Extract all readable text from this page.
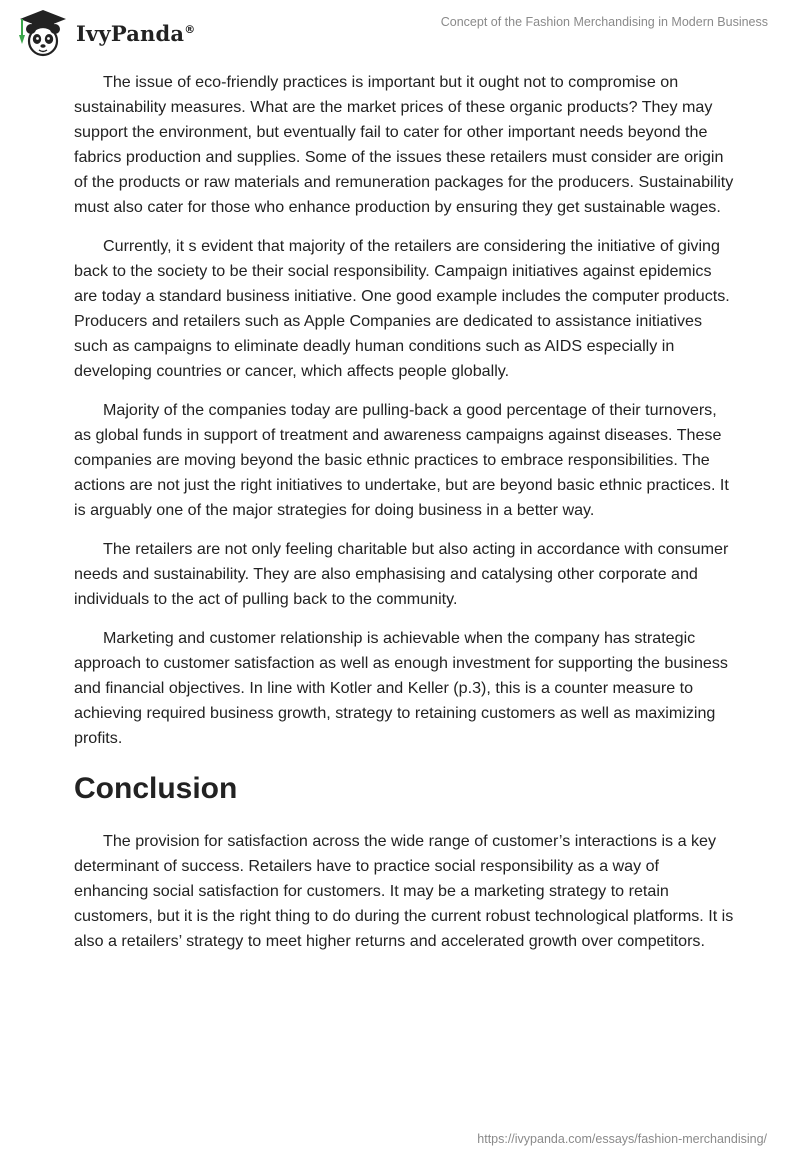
IvyPanda®	Concept of the Fashion Merchandising in Modern Business

The issue of eco-friendly practices is important but it ought not to compromise on sustainability measures. What are the market prices of these organic products? They may support the environment, but eventually fail to cater for other important needs beyond the fabrics production and supplies. Some of the issues these retailers must consider are origin of the products or raw materials and remuneration packages for the producers. Sustainability must also cater for those who enhance production by ensuring they get sustainable wages.

Currently, it s evident that majority of the retailers are considering the initiative of giving back to the society to be their social responsibility. Campaign initiatives against epidemics are today a standard business initiative. One good example includes the computer products. Producers and retailers such as Apple Companies are dedicated to assistance initiatives such as campaigns to eliminate deadly human conditions such as AIDS especially in developing countries or cancer, which affects people globally.

Majority of the companies today are pulling-back a good percentage of their turnovers, as global funds in support of treatment and awareness campaigns against diseases. These companies are moving beyond the basic ethnic practices to embrace responsibilities. The actions are not just the right initiatives to undertake, but are beyond basic ethnic practices. It is arguably one of the major strategies for doing business in a better way.

The retailers are not only feeling charitable but also acting in accordance with consumer needs and sustainability. They are also emphasising and catalysing other corporate and individuals to the act of pulling back to the community.

Marketing and customer relationship is achievable when the company has strategic approach to customer satisfaction as well as enough investment for supporting the business and financial objectives. In line with Kotler and Keller (p.3), this is a counter measure to achieving required business growth, strategy to retaining customers as well as maximizing profits.

Conclusion

The provision for satisfaction across the wide range of customer’s interactions is a key determinant of success. Retailers have to practice social responsibility as a way of enhancing social satisfaction for customers. It may be a marketing strategy to retain customers, but it is the right thing to do during the current robust technological platforms. It is also a retailers’ strategy to meet higher returns and accelerated growth over competitors.

https://ivypanda.com/essays/fashion-merchandising/
